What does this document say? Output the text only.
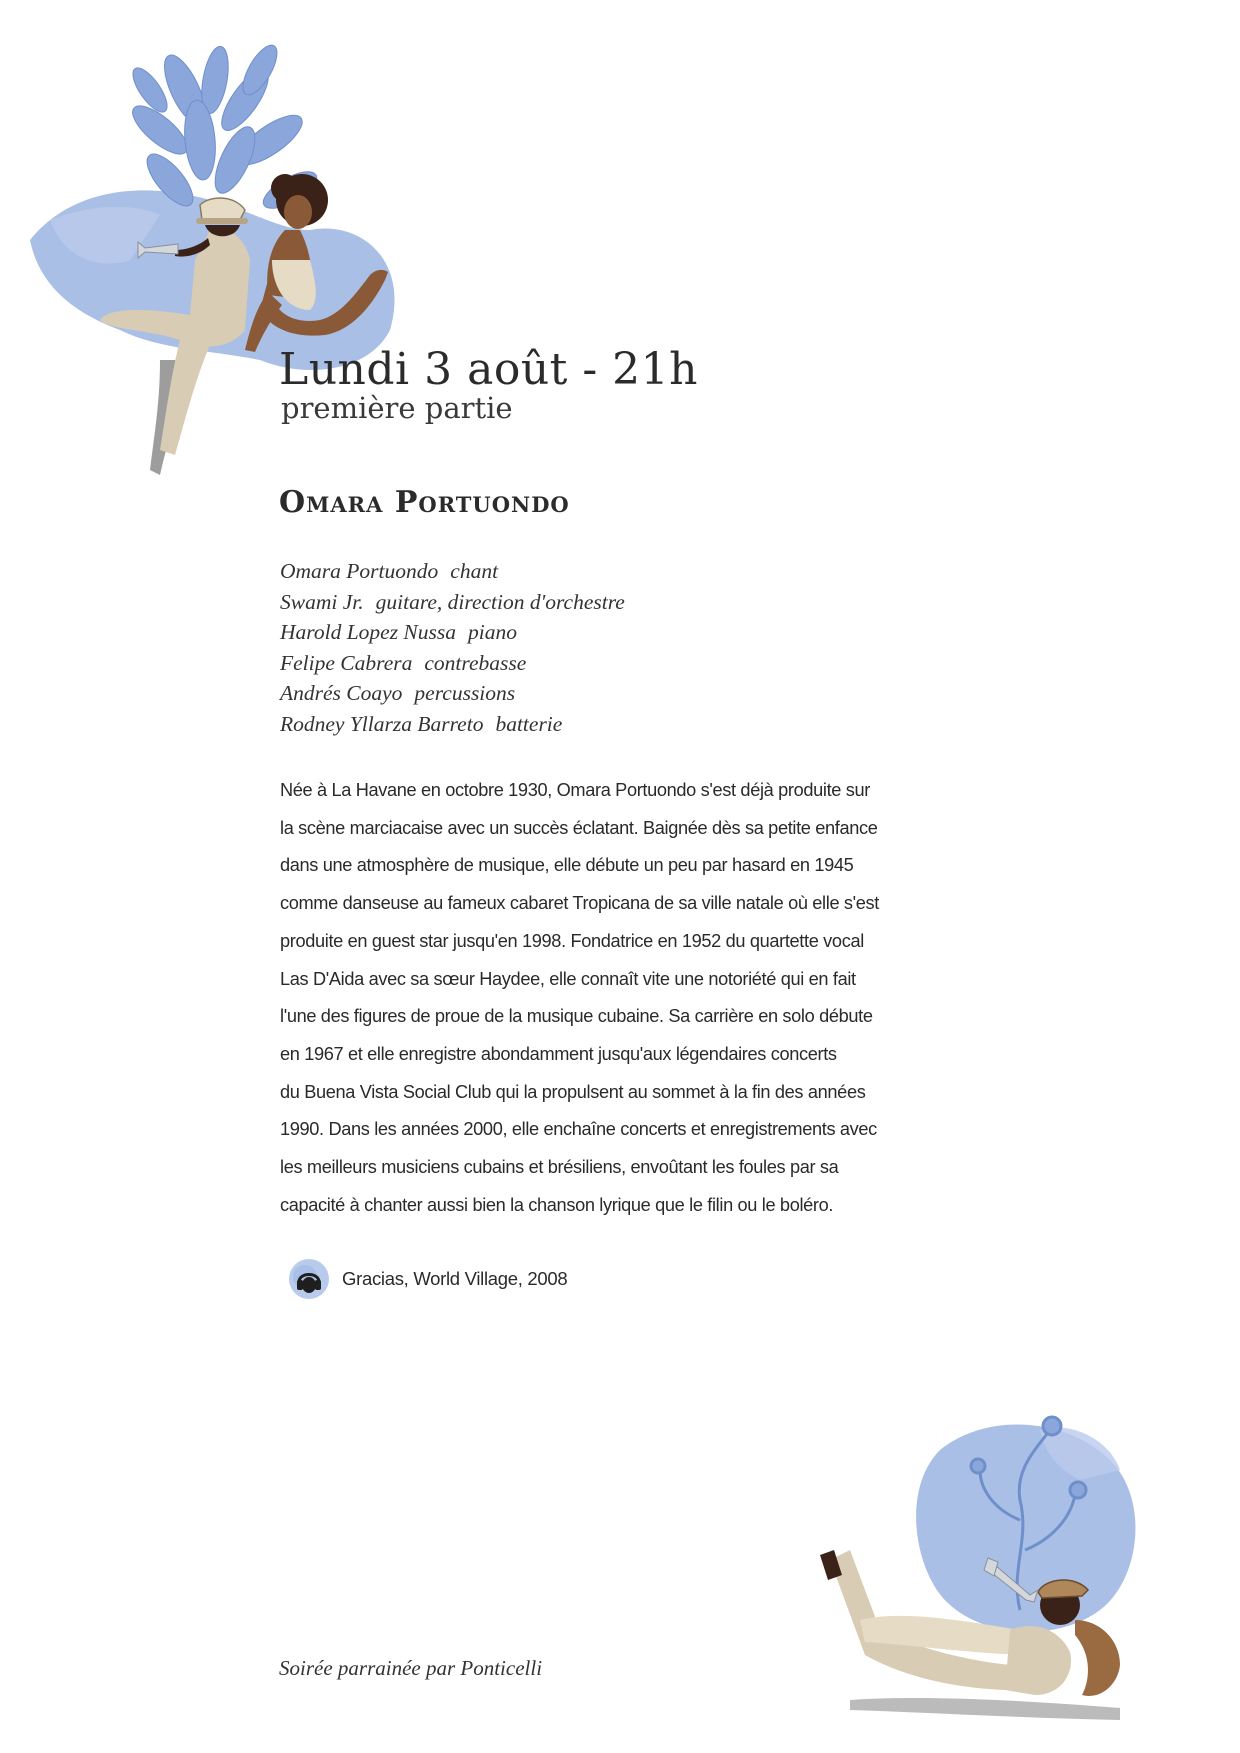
Lundi 3 août - 21h
première partie
Omara Portuondo
Omara Portuondo chant
Swami Jr. guitare, direction d'orchestre
Harold Lopez Nussa piano
Felipe Cabrera contrebasse
Andrés Coayo percussions
Rodney Yllarza Barreto batterie

Née à La Havane en octobre 1930, Omara Portuondo s'est déjà produite sur
la scène marciacaise avec un succès éclatant. Baignée dès sa petite enfance
dans une atmosphère de musique, elle débute un peu par hasard en 1945
comme danseuse au fameux cabaret Tropicana de sa ville natale où elle s'est
produite en guest star jusqu'en 1998. Fondatrice en 1952 du quartette vocal
Las D'Aida avec sa sœur Haydee, elle connaît vite une notoriété qui en fait
l'une des figures de proue de la musique cubaine. Sa carrière en solo débute
en 1967 et elle enregistre abondamment jusqu'aux légendaires concerts
du Buena Vista Social Club qui la propulsent au sommet à la fin des années
1990. Dans les années 2000, elle enchaîne concerts et enregistrements avec
les meilleurs musiciens cubains et brésiliens, envoûtant les foules par sa
capacité à chanter aussi bien la chanson lyrique que le filin ou le boléro.

Gracias, World Village, 2008
Soirée parrainée par Ponticelli
